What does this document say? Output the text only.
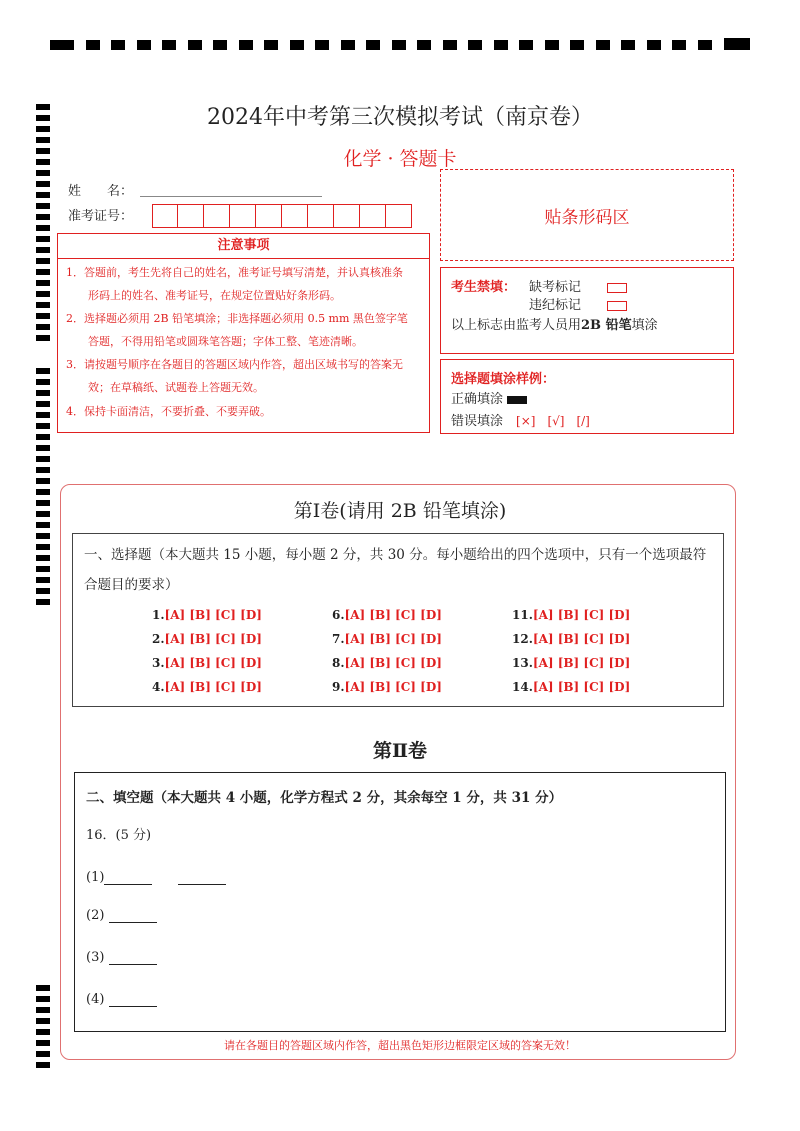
2024年中考第三次模拟考试（南京卷）
化学 · 答题卡
姓　　名：
准考证号：
注意事项
1．答题前，考生先将自己的姓名，准考证号填写清楚，并认真核准条
　　形码上的姓名、准考证号，在规定位置贴好条形码。
2．选择题必须用 2B 铅笔填涂；非选择题必须用 0.5 mm 黑色签字笔
　　答题，不得用铅笔或圆珠笔答题；字体工整、笔迹清晰。
3．请按题号顺序在各题目的答题区域内作答，超出区域书写的答案无
　　效；在草稿纸、试题卷上答题无效。
4．保持卡面清洁，不要折叠、不要弄破。
贴条形码区
考生禁填： 缺考标记　　
违纪标记　　
以上标志由监考人员用2B 铅笔填涂
选择题填涂样例：
正确填涂
错误填涂　 [×]　[√]　[/]
第Ⅰ卷(请用 2B 铅笔填涂)
一、选择题（本大题共 15 小题，每小题 2 分，共 30 分。每小题给出的四个选项中，只有一个选项最符合题目的要求）
1.[A] [B] [C] [D]
2.[A] [B] [C] [D]
3.[A] [B] [C] [D]
4.[A] [B] [C] [D]
6.[A] [B] [C] [D]
7.[A] [B] [C] [D]
8.[A] [B] [C] [D]
9.[A] [B] [C] [D]
11.[A] [B] [C] [D]
12.[A] [B] [C] [D]
13.[A] [B] [C] [D]
14.[A] [B] [C] [D]
第Ⅱ卷
二、填空题（本大题共 4 小题，化学方程式 2 分，其余每空 1 分，共 31 分）
16．(5 分)
(1)　　
(2)
(3)
(4)
请在各题目的答题区域内作答，超出黑色矩形边框限定区域的答案无效！
